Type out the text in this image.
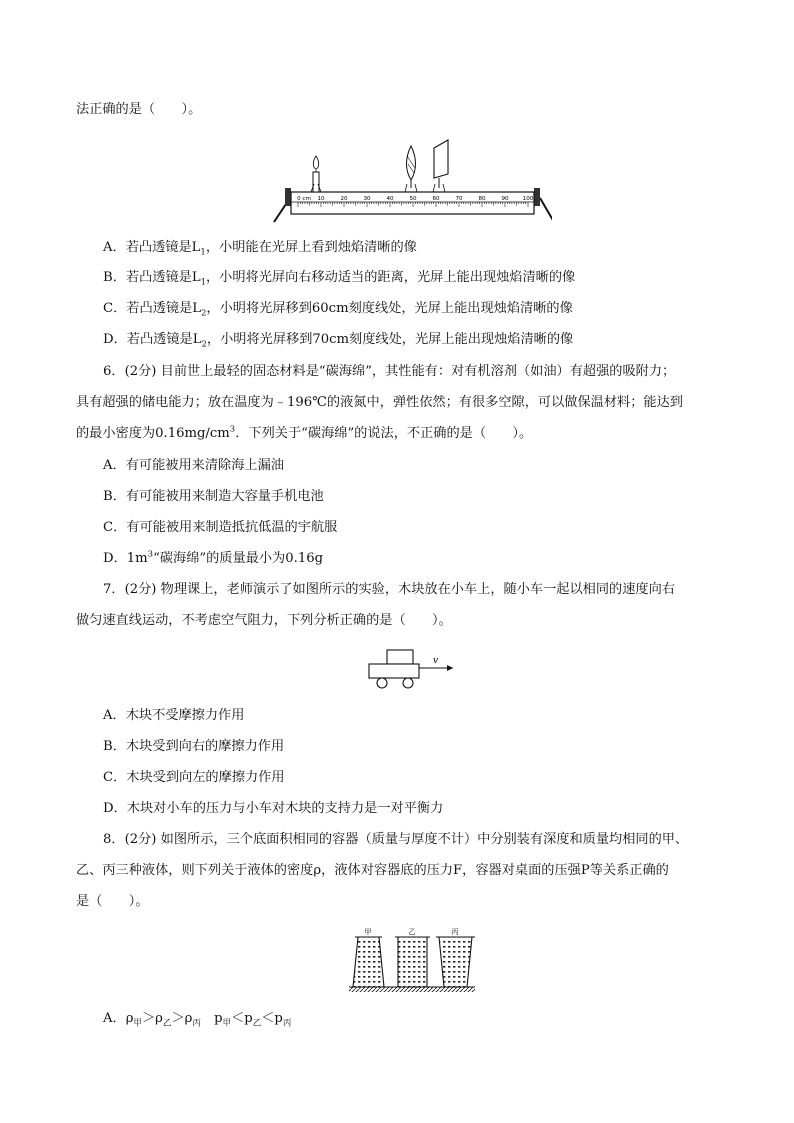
法正确的是（　　）。
0 cm 10	20	30	40	50	60	70	80	90	100
A．若凸透镜是$L_1$，小明能在光屏上看到烛焰清晰的像
B．若凸透镜是$L_1$，小明将光屏向右移动适当的距离，光屏上能出现烛焰清晰的像
C．若凸透镜是$L_2$，小明将光屏移到60cm刻度线处，光屏上能出现烛焰清晰的像
D．若凸透镜是$L_2$，小明将光屏移到70cm刻度线处，光屏上能出现烛焰清晰的像
6．(2分) 目前世上最轻的固态材料是“碳海绵”，其性能有：对有机溶剂（如油）有超强的吸附力；
具有超强的储电能力；放在温度为﹣196℃的液氮中，弹性依然；有很多空隙，可以做保温材料；能达到
的最小密度为$0.16mg/cm^3$．下列关于“碳海绵”的说法，不正确的是（　　）。
A．有可能被用来清除海上漏油
B．有可能被用来制造大容量手机电池
C．有可能被用来制造抵抗低温的宇航服
D．$1m^3“$碳海绵”的质量最小为0.16g
7．(2分) 物理课上，老师演示了如图所示的实验，木块放在小车上，随小车一起以相同的速度向右
做匀速直线运动，不考虑空气阻力，下列分析正确的是（　　）。
v
A．木块不受摩擦力作用
B．木块受到向右的摩擦力作用
C．木块受到向左的摩擦力作用
D．木块对小车的压力与小车对木块的支持力是一对平衡力
8．(2分) 如图所示，三个底面积相同的容器（质量与厚度不计）中分别装有深度和质量均相同的甲、
乙、丙三种液体，则下列关于液体的密度ρ，液体对容器底的压力F，容器对桌面的压强P等关系正确的
是（　　）。
甲	乙	丙
A．$\rho_甲>\rho_乙>\rho_丙$　$p_甲<p_乙<p_丙$
